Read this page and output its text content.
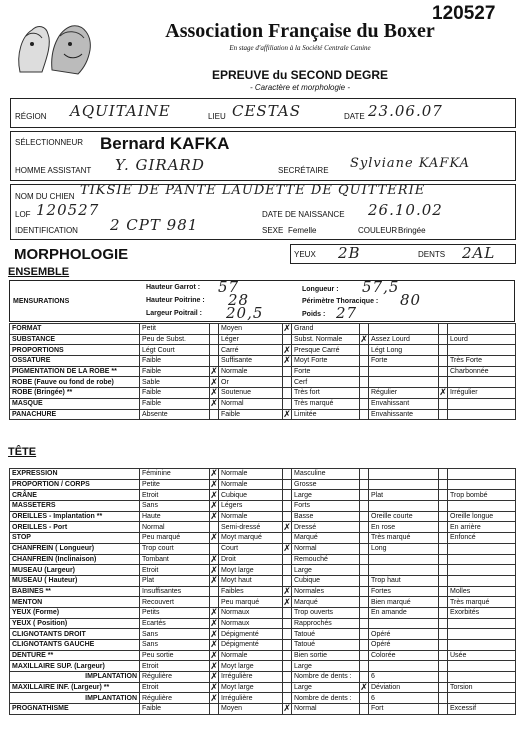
120527
Association Française du Boxer
En stage d'affiliation à la Société Centrale Canine
EPREUVE du SECOND DEGRE
- Caractère et morphologie -
RÉGION AQUITAINE	LIEU CESTAS	DATE 23.06.07
SÉLECTIONNEUR Bernard KAFKA
HOMME ASSISTANT Y. GIRARD	SECRÉTAIRE Sylviane KAFKA
NOM DU CHIEN TIKSIE DE PANTE LAUDETTE DE QUITTERIE
LOF 120527	DATE DE NAISSANCE 26.10.02
IDENTIFICATION 2 CPT 981	SEXE Femelle	COULEUR Bringée
MORPHOLOGIE	YEUX 2B	DENTS 2AL
ENSEMBLE
MENSURATIONS
Hauteur Garrot : 57
Hauteur Poitrine : 28
Largeur Poitrail : 20,5
Longueur : 57,5
Périmètre Thoracique : 80
Poids : 27
FORMAT	Petit		Moyen	✗	Grand				
SUBSTANCE	Peu de Subst.		Léger		Subst. Normale	✗	Assez Lourd		Lourd
PROPORTIONS	Légt Court		Carré	✗	Presque Carré		Légt Long		
OSSATURE	Faible		Suffisante	✗	Moyt Forte		Forte		Très Forte
PIGMENTATION DE LA ROBE **	Faible	✗	Normale		Forte				Charbonnée
ROBE (Fauve ou fond de robe)	Sable	✗	Or		Cerf				
ROBE (Bringée) **	Faible	✗	Soutenue		Très fort		Régulier	✗	Irrégulier
MASQUE	Faible	✗	Normal		Très marqué		Envahissant		
PANACHURE	Absente		Faible	✗	Limitée		Envahissante		
TÊTE
EXPRESSION	Féminine	✗	Normale		Masculine				
PROPORTION / CORPS	Petite	✗	Normale		Grosse				
CRÂNE	Etroit	✗	Cubique		Large		Plat		Trop bombé
MASSETERS	Sans	✗	Légers		Forts				
OREILLES - Implantation **	Haute	✗	Normale		Basse		Oreille courte		Oreille longue
OREILLES - Port	Normal		Semi-dressé	✗	Dressé		En rose		En arrière
STOP	Peu marqué	✗	Moyt marqué		Marqué		Très marqué		Enfoncé
CHANFREIN ( Longueur)	Trop court		Court	✗	Normal		Long		
CHANFREIN (Inclinaison)	Tombant	✗	Droit		Remouché				
MUSEAU (Largeur)	Etroit	✗	Moyt large		Large				
MUSEAU ( Hauteur)	Plat	✗	Moyt haut		Cubique		Trop haut		
BABINES **	Insuffisantes		Faibles	✗	Normales		Fortes		Molles
MENTON	Recouvert		Peu marqué	✗	Marqué		Bien marqué		Très marqué
YEUX (Forme)	Petits	✗	Normaux		Trop ouverts		En amande		Exorbités
YEUX ( Position)	Ecartés	✗	Normaux		Rapprochés				
CLIGNOTANTS DROIT	Sans	✗	Dépigmenté		Tatoué		Opéré		
CLIGNOTANTS GAUCHE	Sans	✗	Dépigmenté		Tatoué		Opéré		
DENTURE **	Peu sortie	✗	Normale		Bien sortie		Colorée		Usée
MAXILLAIRE SUP. (Largeur)	Etroit	✗	Moyt large		Large				
IMPLANTATION	Régulière	✗	Irrégulière		Nombre de dents :		6		
MAXILLAIRE INF. (Largeur) **	Etroit	✗	Moyt large		Large	✗	Déviation		Torsion
IMPLANTATION	Régulière	✗	Irrégulière		Nombre de dents :		6		
PROGNATHISME	Faible		Moyen	✗	Normal		Fort		Excessif
